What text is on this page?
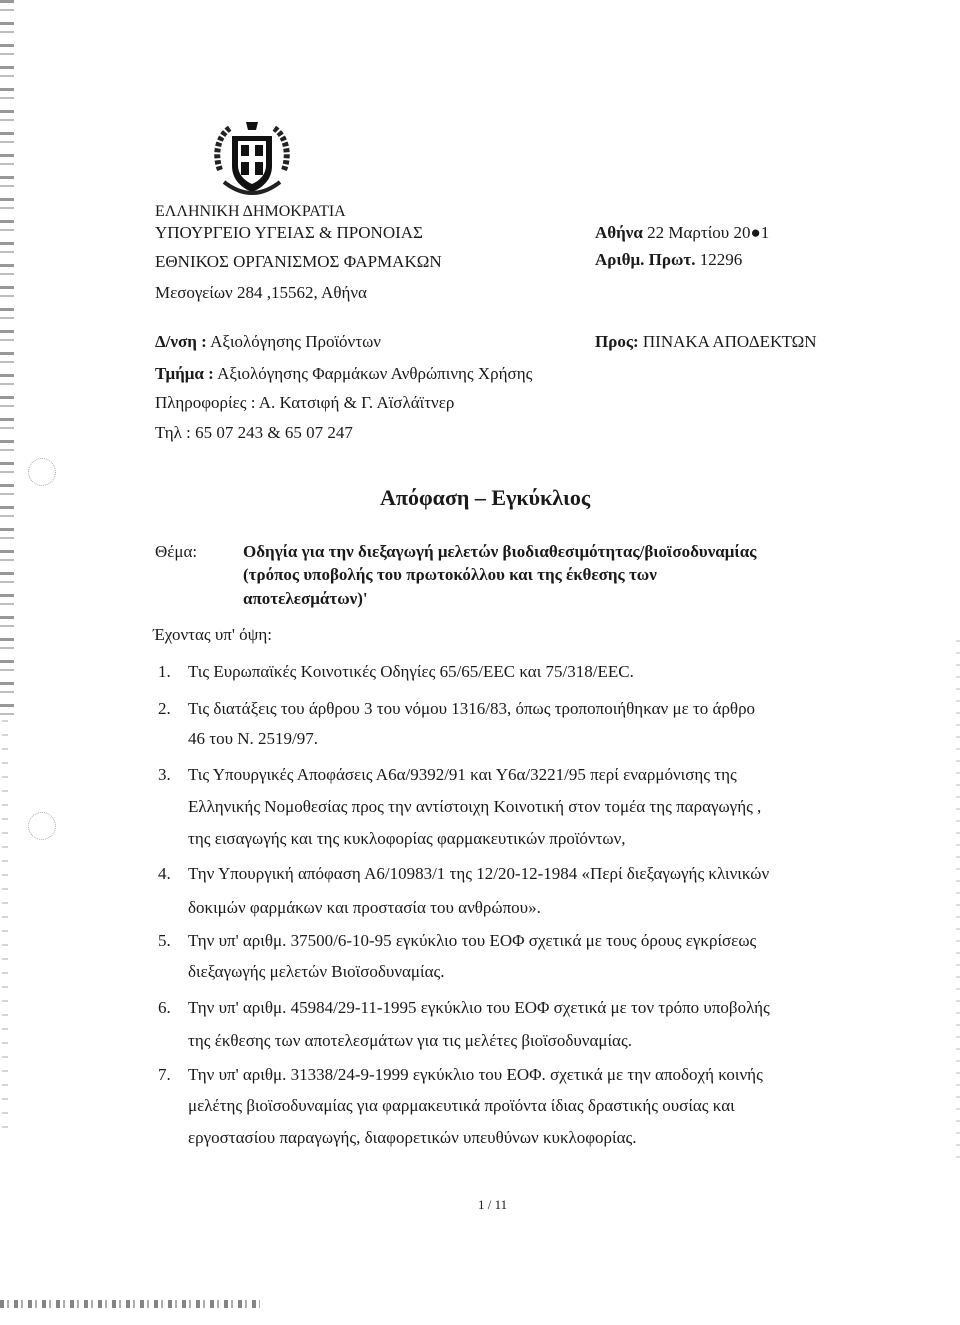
ΕΛΛΗΝΙΚΗ ΔΗΜΟΚΡΑΤΙΑ
ΥΠΟΥΡΓΕΙΟ ΥΓΕΙΑΣ & ΠΡΟΝΟΙΑΣ
ΕΘΝΙΚΟΣ ΟΡΓΑΝΙΣΜΟΣ ΦΑΡΜΑΚΩΝ
Μεσογείων 284 ,15562, Αθήνα
Αθήνα 22 Μαρτίου 20●1
Αριθμ. Πρωτ. 12296
Δ/νση : Αξιολόγησης Προϊόντων
Τμήμα : Αξιολόγησης Φαρμάκων Ανθρώπινης Χρήσης
Πληροφορίες : Α. Κατσιφή & Γ. Αϊσλάϊτνερ
Τηλ : 65 07 243 & 65 07 247
Προς: ΠΙΝΑΚΑ ΑΠΟΔΕΚΤΩΝ
Απόφαση – Εγκύκλιος
Θέμα:	Οδηγία για την διεξαγωγή μελετών βιοδιαθεσιμότητας/βιοϊσοδυναμίας
(τρόπος υποβολής του πρωτοκόλλου και της έκθεσης των
αποτελεσμάτων)'
Έχοντας υπ' όψη:
1. Τις Ευρωπαϊκές Κοινοτικές Οδηγίες 65/65/ΕΕC και 75/318/ΕΕC.
2. Τις διατάξεις του άρθρου 3 του νόμου 1316/83, όπως τροποποιήθηκαν με το άρθρο
46 του Ν. 2519/97.
3. Τις Υπουργικές Αποφάσεις Α6α/9392/91 και Υ6α/3221/95 περί εναρμόνισης της
Ελληνικής Νομοθεσίας προς την αντίστοιχη Κοινοτική στον τομέα της παραγωγής ,
της εισαγωγής και της κυκλοφορίας φαρμακευτικών προϊόντων,
4. Την Υπουργική απόφαση Α6/10983/1 της 12/20-12-1984 «Περί διεξαγωγής κλινικών
δοκιμών φαρμάκων και προστασία του ανθρώπου».
5. Την υπ' αριθμ. 37500/6-10-95 εγκύκλιο του ΕΟΦ σχετικά με τους όρους εγκρίσεως
διεξαγωγής μελετών Βιοϊσοδυναμίας.
6. Την υπ' αριθμ. 45984/29-11-1995 εγκύκλιο του ΕΟΦ σχετικά με τον τρόπο υποβολής
της έκθεσης των αποτελεσμάτων για τις μελέτες βιοϊσοδυναμίας.
7. Την υπ' αριθμ. 31338/24-9-1999 εγκύκλιο του ΕΟΦ. σχετικά με την αποδοχή κοινής
μελέτης βιοϊσοδυναμίας για φαρμακευτικά προϊόντα ίδιας δραστικής ουσίας και
εργοστασίου παραγωγής, διαφορετικών υπευθύνων κυκλοφορίας.
1 / 11
